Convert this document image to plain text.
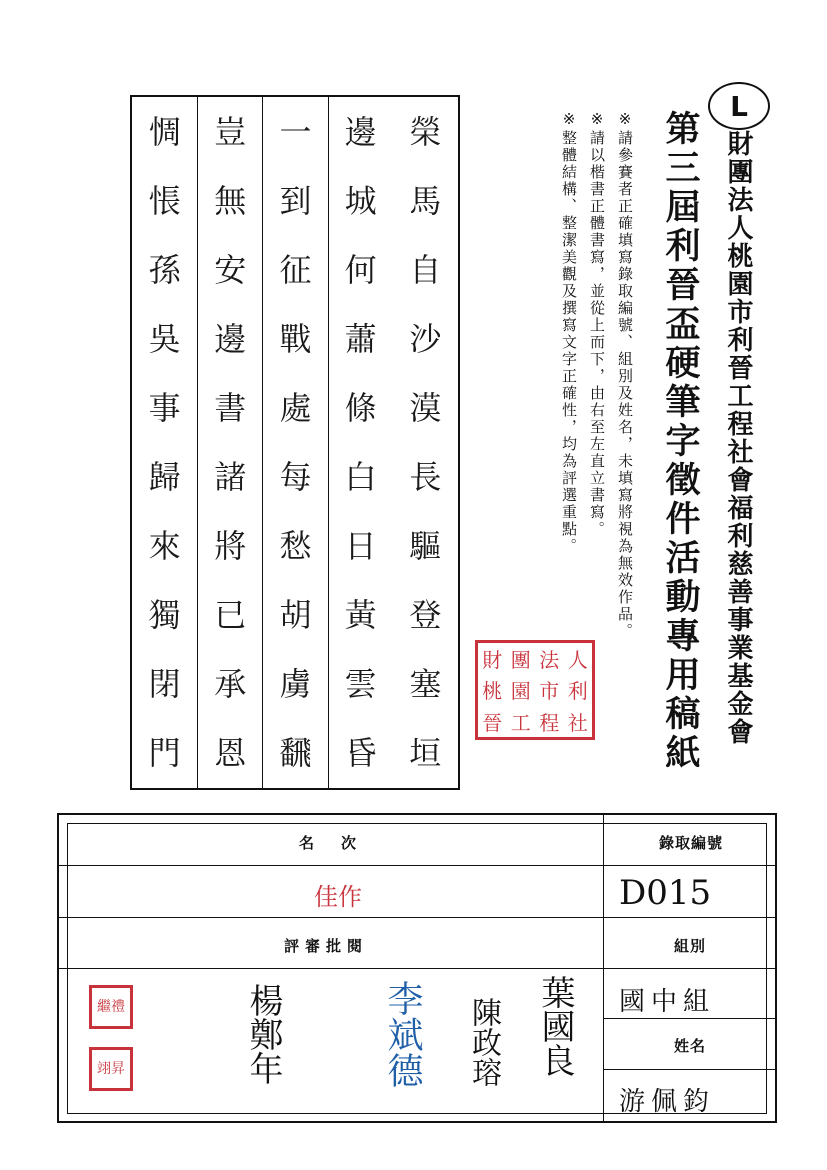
L
財團法人桃園市利晉工程社會福利慈善事業基金會
第三屆利晉盃硬筆字徵件活動專用稿紙
※請參賽者正確填寫錄取編號、組別及姓名，未填寫將視為無效作品。
※請以楷書正體書寫，並從上而下，由右至左直立書寫。
※整體結構、整潔美觀及撰寫文字正確性，均為評選重點。
財 團 法 人
桃 園 市 利
晉 工 程 社
榮
馬
自
沙
漠
長
驅
登
塞
垣
邊
城
何
蕭
條
白
日
黃
雲
昏
一
到
征
戰
處
每
愁
胡
虜
飜
豈
無
安
邊
書
諸
將
已
承
恩
惆
悵
孫
吳
事
歸
來
獨
閉
門
名　次
佳作
評審批閱
錄取編號
D015
組別
國中組
姓名
游佩鈞
繼禮
翊昇	楊鄭年	李斌德 陳政瑢 葉國良
